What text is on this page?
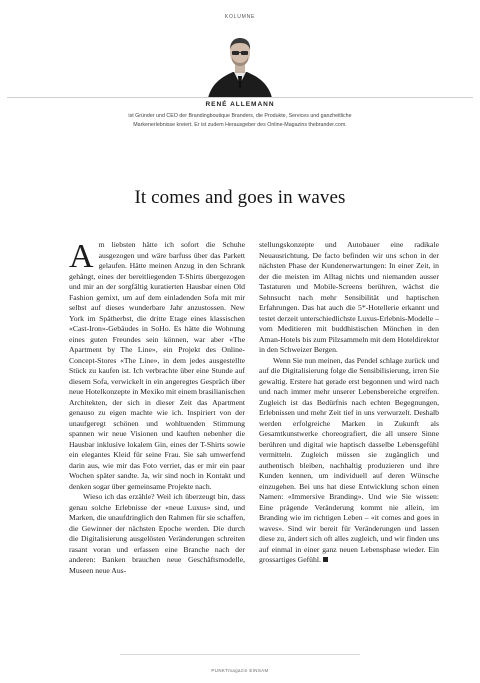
KOLUMNE
RENÉ ALLEMANN
ist Gründer und CEO der Brandingboutique Branders, die Produkte, Services und ganzheitliche
Markenerlebnisse kreiert. Er ist zudem Herausgeber des Online-Magazins thebrander.com.
It comes and goes in waves

Am liebsten hätte ich sofort die Schuhe ausgezogen und wäre barfuss über das Parkett gelaufen. Hätte meinen Anzug in den Schrank gehängt, eines der bereitliegenden T-Shirts übergezogen und mir an der sorgfältig kuratierten Hausbar einen Old Fashion gemixt, um auf dem einladenden Sofa mit mir selbst auf dieses wunderbare Jahr anzustossen. New York im Spätherbst, die dritte Etage eines klassischen «Cast-Iron»-Gebäudes in SoHo. Es hätte die Wohnung eines guten Freundes sein können, war aber «The Apartment by The Line», ein Projekt des Online-Concept-Stores «The Line», in dem jedes ausgestellte Stück zu kaufen ist. Ich verbrachte über eine Stunde auf diesem Sofa, verwickelt in ein angeregtes Gespräch über neue Hotelkonzepte in Mexiko mit einem brasilianischen Architekten, der sich in dieser Zeit das Apartment genauso zu eigen machte wie ich. Inspiriert von der unaufgeregt schönen und wohltuenden Stimmung spannen wir neue Visionen und kauften nebenher die Hausbar inklusive lokalem Gin, eines der T-Shirts sowie ein elegantes Kleid für seine Frau. Sie sah umwerfend darin aus, wie mir das Foto verriet, das er mir ein paar Wochen später sandte. Ja, wir sind noch in Kontakt und denken sogar über gemeinsame Projekte nach.

Wieso ich das erzähle? Weil ich überzeugt bin, dass genau solche Erlebnisse der «neue Luxus» sind, und Marken, die unaufdringlich den Rahmen für sie schaffen, die Gewinner der nächsten Epoche werden. Die durch die Digitalisierung ausgelösten Veränderungen schreiten rasant voran und erfassen eine Branche nach der anderen: Banken brauchen neue Geschäftsmodelle, Museen neue Aus-

stellungskonzepte und Autobauer eine radikale Neuausrichtung. De facto befinden wir uns schon in der nächsten Phase der Kundenerwartungen: In einer Zeit, in der die meisten im Alltag nichts und niemanden ausser Tastaturen und Mobile-Screens berühren, wächst die Sehnsucht nach mehr Sensibilität und haptischen Erfahrungen. Das hat auch die 5*-Hotellerie erkannt und testet derzeit unterschiedlichste Luxus-Erlebnis-Modelle – vom Meditieren mit buddhistischen Mönchen in den Aman-Hotels bis zum Pilzsammeln mit dem Hoteldirektor in den Schweizer Bergen.

Wenn Sie nun meinen, das Pendel schlage zurück und auf die Digitalisierung folge die Sensibilisierung, irren Sie gewaltig. Erstere hat gerade erst begonnen und wird nach und nach immer mehr unserer Lebensbereiche ergreifen. Zugleich ist das Bedürfnis nach echten Begegnungen, Erlebnissen und mehr Zeit tief in uns verwurzelt. Deshalb werden erfolgreiche Marken in Zukunft als Gesamtkunstwerke choreografiert, die all unsere Sinne berühren und digital wie haptisch dasselbe Lebensgefühl vermitteln. Zugleich müssen sie zugänglich und authentisch bleiben, nachhaltig produzieren und ihre Kunden kennen, um individuell auf deren Wünsche einzugehen. Bei uns hat diese Entwicklung schon einen Namen: «Immersive Branding». Und wie Sie wissen: Eine prägende Veränderung kommt nie allein, im Branding wie im richtigen Leben – «it comes and goes in waves». Sind wir bereit für Veränderungen und lassen diese zu, ändert sich oft alles zugleich, und wir finden uns auf einmal in einer ganz neuen Lebensphase wieder. Ein grossartiges Gefühl.

PUNKTmagazin EINSAM
